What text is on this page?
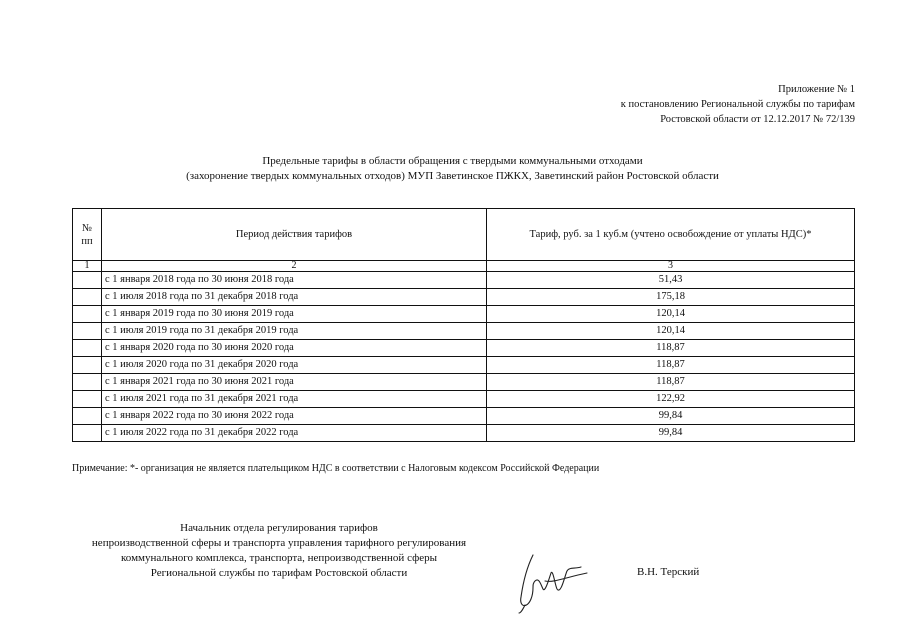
Приложение № 1
к постановлению Региональной службы по тарифам
Ростовской области от 12.12.2017 № 72/139
Предельные тарифы в области обращения с твердыми коммунальными отходами
(захоронение твердых коммунальных отходов) МУП Заветинское ПЖКХ, Заветинский район Ростовской области
№ пп	Период действия тарифов	Тариф, руб. за 1 куб.м (учтено освобождение от уплаты НДС)*
1	2	3
	с 1 января 2018 года по 30 июня 2018 года	51,43
	с 1 июля 2018 года по 31 декабря 2018 года	175,18
	с 1 января 2019 года по 30 июня 2019 года	120,14
	с 1 июля 2019 года по 31 декабря 2019 года	120,14
	с 1 января 2020 года по 30 июня 2020 года	118,87
	с 1 июля 2020 года по 31 декабря 2020 года	118,87
	с 1 января 2021 года по 30 июня 2021 года	118,87
	с 1 июля 2021 года по 31 декабря 2021 года	122,92
	с 1 января 2022 года по 30 июня 2022 года	99,84
	с 1 июля 2022 года по 31 декабря 2022 года	99,84
Примечание: *- организация не является плательщиком НДС в соответствии с Налоговым кодексом Российской Федерации
Начальник отдела регулирования тарифов
непроизводственной сферы и транспорта управления тарифного регулирования
коммунального комплекса, транспорта, непроизводственной сферы
Региональной службы по тарифам Ростовской области	В.Н. Терский
